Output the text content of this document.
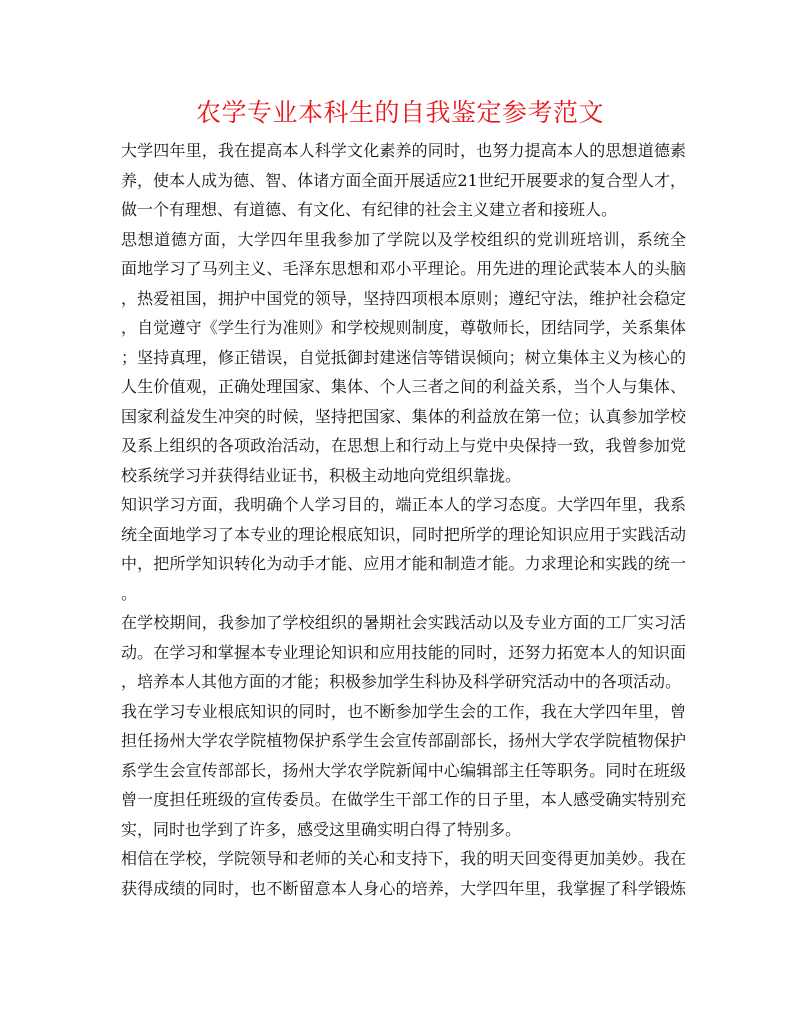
农学专业本科生的自我鉴定参考范文
大学四年里，我在提高本人科学文化素养的同时，也努力提高本人的思想道德素
养，使本人成为德、智、体诸方面全面开展适应21世纪开展要求的复合型人才，
做一个有理想、有道德、有文化、有纪律的社会主义建立者和接班人。
思想道德方面，大学四年里我参加了学院以及学校组织的党训班培训，系统全
面地学习了马列主义、毛泽东思想和邓小平理论。用先进的理论武装本人的头脑
，热爱祖国，拥护中国党的领导，坚持四项根本原则；遵纪守法，维护社会稳定
，自觉遵守《学生行为准则》和学校规则制度，尊敬师长，团结同学，关系集体
；坚持真理，修正错误，自觉抵御封建迷信等错误倾向；树立集体主义为核心的
人生价值观，正确处理国家、集体、个人三者之间的利益关系，当个人与集体、
国家利益发生冲突的时候，坚持把国家、集体的利益放在第一位；认真参加学校
及系上组织的各项政治活动，在思想上和行动上与党中央保持一致，我曾参加党
校系统学习并获得结业证书，积极主动地向党组织靠拢。
知识学习方面，我明确个人学习目的，端正本人的学习态度。大学四年里，我系
统全面地学习了本专业的理论根底知识，同时把所学的理论知识应用于实践活动
中，把所学知识转化为动手才能、应用才能和制造才能。力求理论和实践的统一
。
在学校期间，我参加了学校组织的暑期社会实践活动以及专业方面的工厂实习活
动。在学习和掌握本专业理论知识和应用技能的同时，还努力拓宽本人的知识面
，培养本人其他方面的才能；积极参加学生科协及科学研究活动中的各项活动。
我在学习专业根底知识的同时，也不断参加学生会的工作，我在大学四年里，曾
担任扬州大学农学院植物保护系学生会宣传部副部长，扬州大学农学院植物保护
系学生会宣传部部长，扬州大学农学院新闻中心编辑部主任等职务。同时在班级
曾一度担任班级的宣传委员。在做学生干部工作的日子里，本人感受确实特别充
实，同时也学到了许多，感受这里确实明白得了特别多。
相信在学校，学院领导和老师的关心和支持下，我的明天回变得更加美妙。我在
获得成绩的同时，也不断留意本人身心的培养，大学四年里，我掌握了科学锻炼
